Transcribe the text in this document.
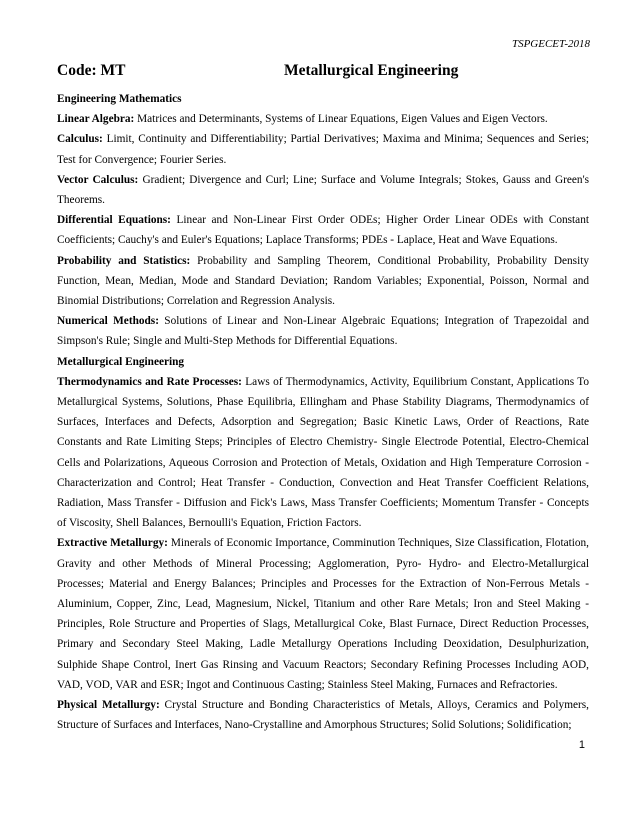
TSPGECET-2018
Code: MT	Metallurgical Engineering

Engineering Mathematics

Linear Algebra: Matrices and Determinants, Systems of Linear Equations, Eigen Values and Eigen Vectors.

Calculus: Limit, Continuity and Differentiability; Partial Derivatives; Maxima and Minima; Sequences and Series; Test for Convergence; Fourier Series.

Vector Calculus: Gradient; Divergence and Curl; Line; Surface and Volume Integrals; Stokes, Gauss and Green's Theorems.

Differential Equations: Linear and Non-Linear First Order ODEs; Higher Order Linear ODEs with Constant Coefficients; Cauchy's and Euler's Equations; Laplace Transforms; PDEs - Laplace, Heat and Wave Equations.

Probability and Statistics: Probability and Sampling Theorem, Conditional Probability, Probability Density Function, Mean, Median, Mode and Standard Deviation; Random Variables; Exponential, Poisson, Normal and Binomial Distributions; Correlation and Regression Analysis.

Numerical Methods: Solutions of Linear and Non-Linear Algebraic Equations; Integration of Trapezoidal and Simpson's Rule; Single and Multi-Step Methods for Differential Equations.

Metallurgical Engineering

Thermodynamics and Rate Processes: Laws of Thermodynamics, Activity, Equilibrium Constant, Applications To Metallurgical Systems, Solutions, Phase Equilibria, Ellingham and Phase Stability Diagrams, Thermodynamics of Surfaces, Interfaces and Defects, Adsorption and Segregation; Basic Kinetic Laws, Order of Reactions, Rate Constants and Rate Limiting Steps; Principles of Electro Chemistry- Single Electrode Potential, Electro-Chemical Cells and Polarizations, Aqueous Corrosion and Protection of Metals, Oxidation and High Temperature Corrosion - Characterization and Control; Heat Transfer - Conduction, Convection and Heat Transfer Coefficient Relations, Radiation, Mass Transfer - Diffusion and Fick's Laws, Mass Transfer Coefficients; Momentum Transfer - Concepts of Viscosity, Shell Balances, Bernoulli's Equation, Friction Factors.

Extractive Metallurgy: Minerals of Economic Importance, Comminution Techniques, Size Classification, Flotation, Gravity and other Methods of Mineral Processing; Agglomeration, Pyro- Hydro- and Electro-Metallurgical Processes; Material and Energy Balances; Principles and Processes for the Extraction of Non-Ferrous Metals - Aluminium, Copper, Zinc, Lead, Magnesium, Nickel, Titanium and other Rare Metals; Iron and Steel Making - Principles, Role Structure and Properties of Slags, Metallurgical Coke, Blast Furnace, Direct Reduction Processes, Primary and Secondary Steel Making, Ladle Metallurgy Operations Including Deoxidation, Desulphurization, Sulphide Shape Control, Inert Gas Rinsing and Vacuum Reactors; Secondary Refining Processes Including AOD, VAD, VOD, VAR and ESR; Ingot and Continuous Casting; Stainless Steel Making, Furnaces and Refractories.

Physical Metallurgy: Crystal Structure and Bonding Characteristics of Metals, Alloys, Ceramics and Polymers, Structure of Surfaces and Interfaces, Nano-Crystalline and Amorphous Structures; Solid Solutions; Solidification;

1
